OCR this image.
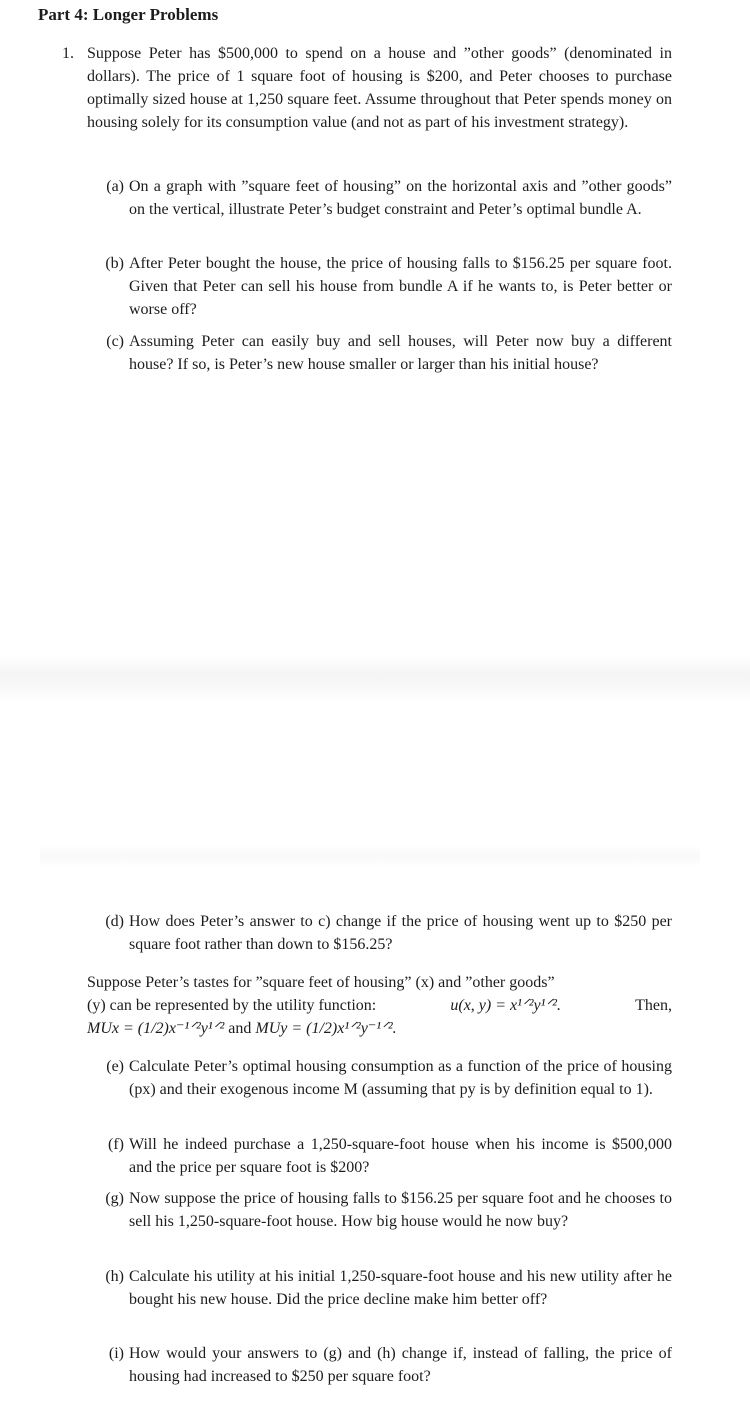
Part 4: Longer Problems
1. Suppose Peter has $500,000 to spend on a house and ”other goods” (denominated in dollars). The price of 1 square foot of housing is $200, and Peter chooses to purchase optimally sized house at 1,250 square feet. Assume throughout that Peter spends money on housing solely for its consumption value (and not as part of his investment strategy).
(a) On a graph with ”square feet of housing” on the horizontal axis and ”other goods” on the vertical, illustrate Peter’s budget constraint and Peter’s optimal bundle A.
(b) After Peter bought the house, the price of housing falls to $156.25 per square foot. Given that Peter can sell his house from bundle A if he wants to, is Peter better or worse off?
(c) Assuming Peter can easily buy and sell houses, will Peter now buy a different house? If so, is Peter’s new house smaller or larger than his initial house?
(d) How does Peter’s answer to c) change if the price of housing went up to $250 per square foot rather than down to $156.25?
Suppose Peter’s tastes for ”square feet of housing” (x) and ”other goods”
(y) can be represented by the utility function:	u(x, y) = x¹ᐟ²y¹ᐟ².	Then,
MUx = (1/2)x⁻¹ᐟ²y¹ᐟ² and MUy = (1/2)x¹ᐟ²y⁻¹ᐟ².
(e) Calculate Peter’s optimal housing consumption as a function of the price of housing (px) and their exogenous income M (assuming that py is by definition equal to 1).
(f) Will he indeed purchase a 1,250-square-foot house when his income is $500,000 and the price per square foot is $200?
(g) Now suppose the price of housing falls to $156.25 per square foot and he chooses to sell his 1,250-square-foot house. How big house would he now buy?
(h) Calculate his utility at his initial 1,250-square-foot house and his new utility after he bought his new house. Did the price decline make him better off?
(i) How would your answers to (g) and (h) change if, instead of falling, the price of housing had increased to $250 per square foot?
